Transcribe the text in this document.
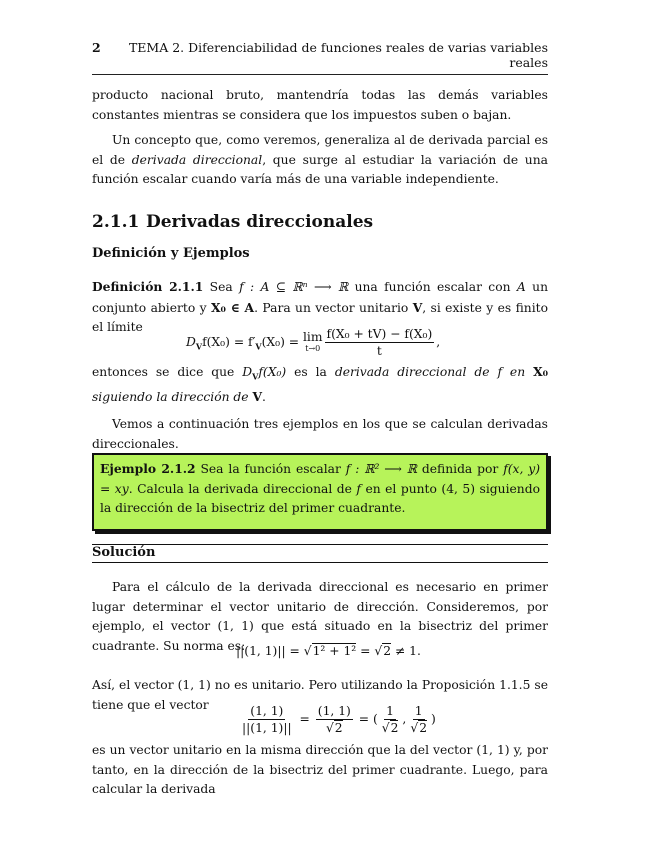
2	TEMA 2. Diferenciabilidad de funciones reales de varias variables reales

producto nacional bruto, mantendría todas las demás variables constantes mientras se considera que los impuestos suben o bajan.

Un concepto que, como veremos, generaliza al de derivada parcial es el de derivada direccional, que surge al estudiar la variación de una función escalar cuando varía más de una variable independiente.

2.1.1 Derivadas direccionales
Definición y Ejemplos

Definición 2.1.1 Sea f : A ⊆ ℝⁿ ⟶ ℝ una función escalar con A un conjunto abierto y X₀ ∈ A. Para un vector unitario V, si existe y es finito el límite

$D_Vf(X_0) = f'_V(X_0) = \lim$
$t\to 0 \frac{\text{f(X₀ + tV) − f(X₀)}}{t}$ ,

entonces se dice que $D_Vf(X_0)$ es la derivada direccional de f en X₀ siguiendo la dirección de V.

Vemos a continuación tres ejemplos en los que se calculan derivadas direccionales.

Ejemplo 2.1.2 Sea la función escalar f : ℝ² ⟶ ℝ definida por f(x, y) = xy. Calcula la derivada direccional de f en el punto (4, 5) siguiendo la dirección de la bisectriz del primer cuadrante.

Solución

Para el cálculo de la derivada direccional es necesario en primer lugar determinar el vector unitario de dirección. Consideremos, por ejemplo, el vector (1, 1) que está situado en la bisectriz del primer cuadrante. Su norma es:

||(1, 1)|| = √1² + 1² = √2 ≠ 1.

Así, el vector (1, 1) no es unitario. Pero utilizando la Proposición 1.1.5 se tiene que el vector	$\frac{(1, 1)}{||(1, 1)||} = \frac{(1, 1)}{√2}$ = ( $\frac{1}{√2}$ , $\frac{1}{√2}$ )

es un vector unitario en la misma dirección que la del vector (1, 1) y, por tanto, en la dirección de la bisectriz del primer cuadrante. Luego, para calcular la derivada
